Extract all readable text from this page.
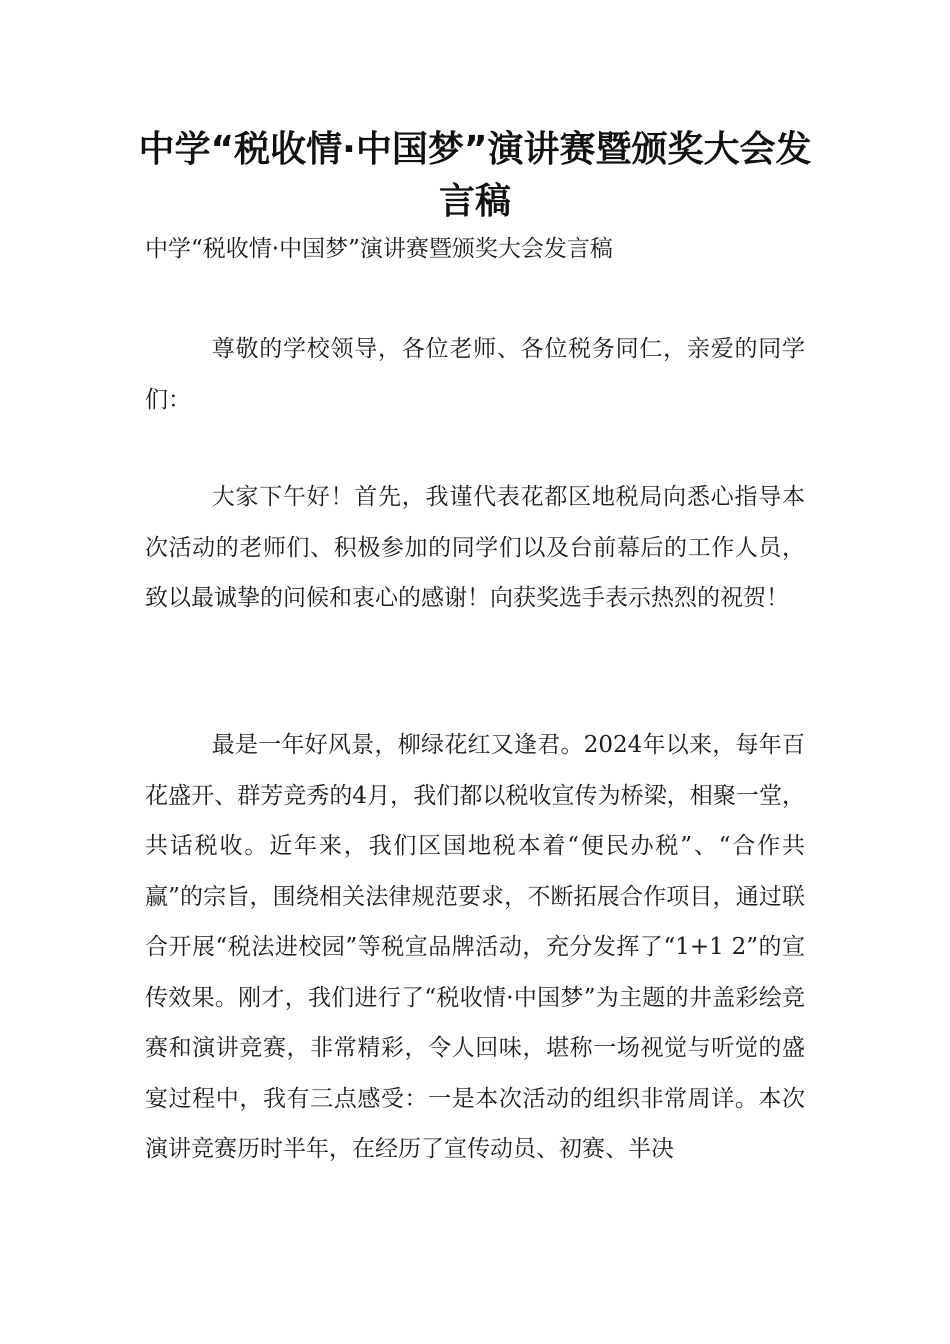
中学“税收情·中国梦”演讲赛暨颁奖大会发言稿
中学“税收情·中国梦”演讲赛暨颁奖大会发言稿

尊敬的学校领导，各位老师、各位税务同仁，亲爱的同学们：

大家下午好！首先，我谨代表花都区地税局向悉心指导本次活动的老师们、积极参加的同学们以及台前幕后的工作人员，致以最诚挚的问候和衷心的感谢！向获奖选手表示热烈的祝贺！

最是一年好风景，柳绿花红又逢君。2024年以来，每年百花盛开、群芳竞秀的4月，我们都以税收宣传为桥梁，相聚一堂，共话税收。近年来，我们区国地税本着“便民办税”、“合作共赢”的宗旨，围绕相关法律规范要求，不断拓展合作项目，通过联合开展“税法进校园”等税宣品牌活动，充分发挥了“1+1 2”的宣传效果。刚才，我们进行了“税收情·中国梦”为主题的井盖彩绘竞赛和演讲竞赛，非常精彩，令人回味，堪称一场视觉与听觉的盛宴过程中，我有三点感受：一是本次活动的组织非常周详。本次演讲竞赛历时半年，在经历了宣传动员、初赛、半决
